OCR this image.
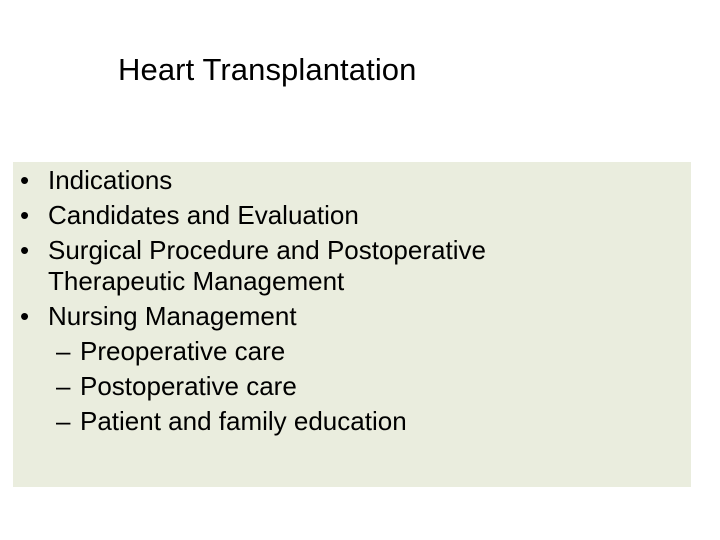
Heart Transplantation
• Indications
• Candidates and Evaluation
• Surgical Procedure and Postoperative
Therapeutic Management
• Nursing Management
– Preoperative care
– Postoperative care
– Patient and family education
